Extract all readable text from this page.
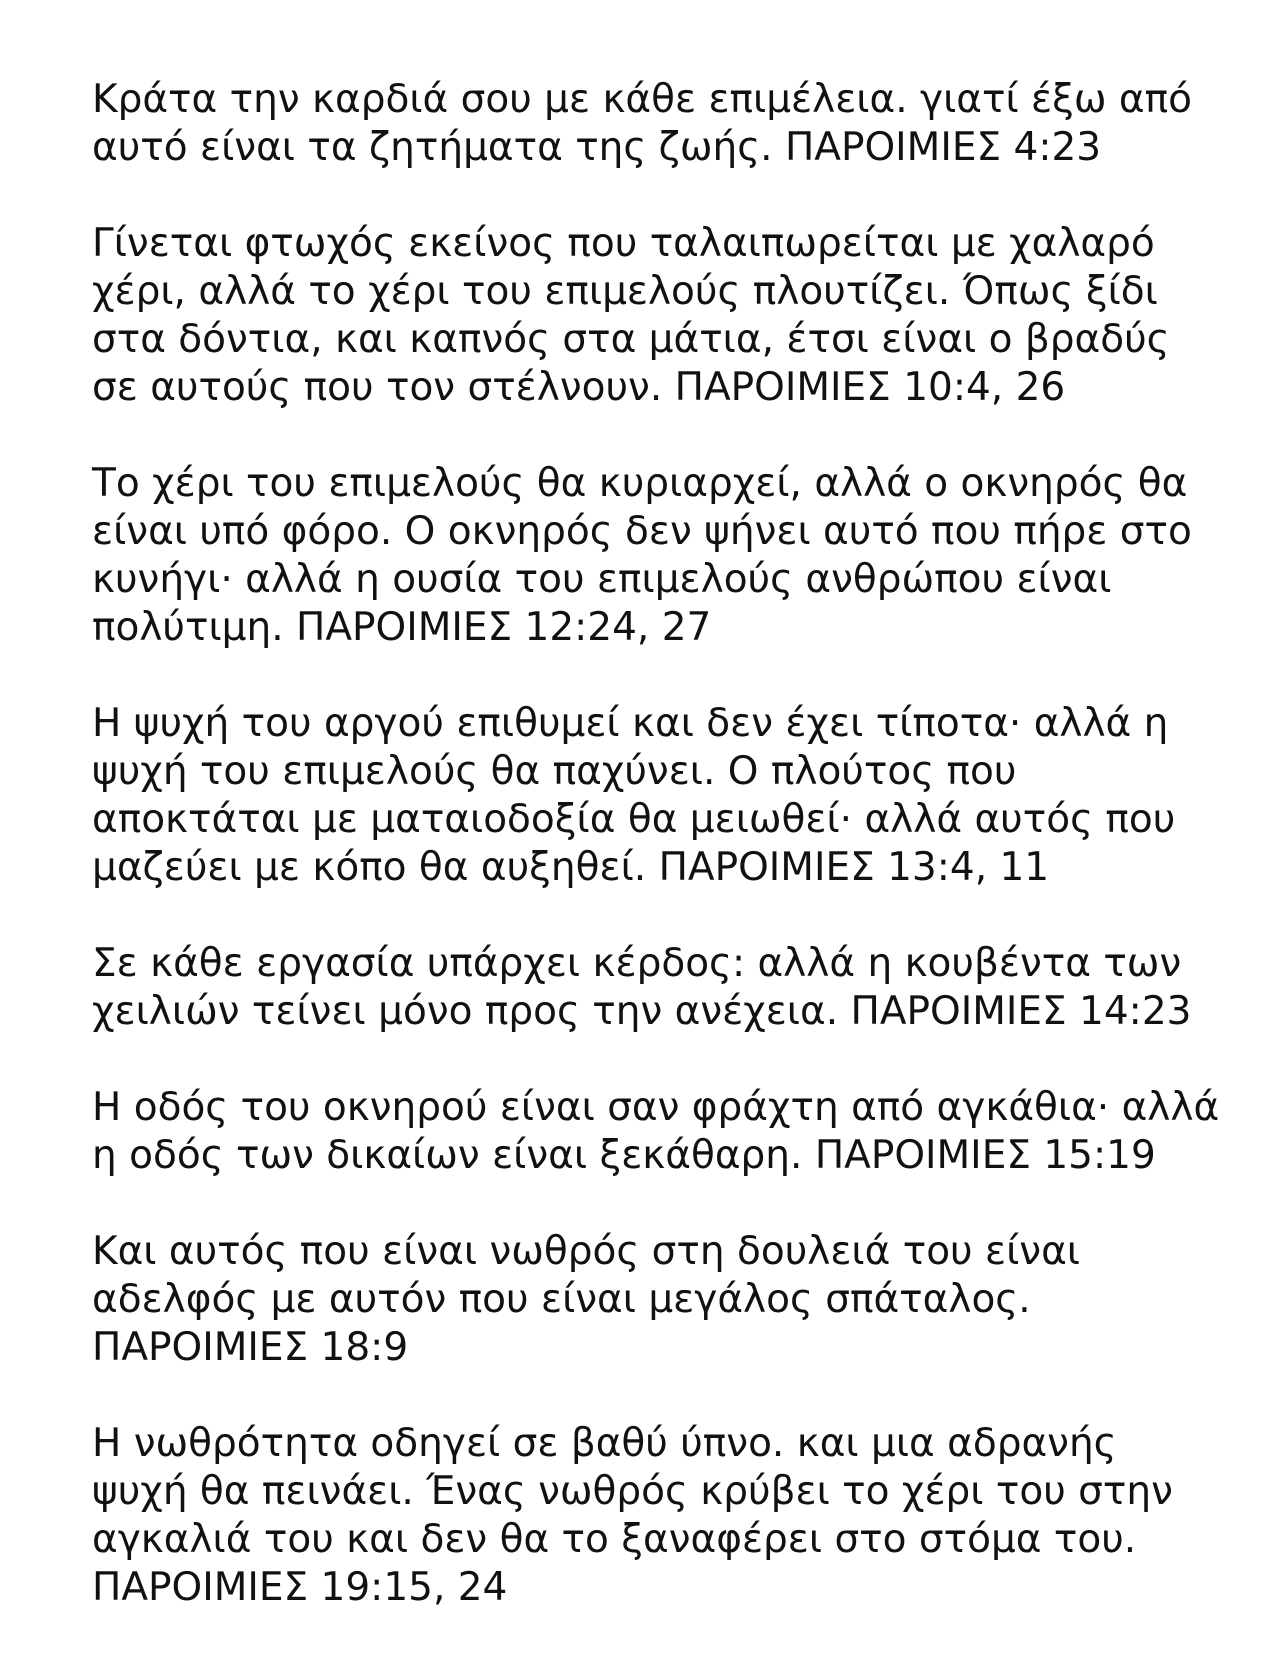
Κράτα την καρδιά σου με κάθε επιμέλεια. γιατί έξω από αυτό είναι τα ζητήματα της ζωής. ΠΑΡΟΙΜΙΕΣ 4:23
Γίνεται φτωχός εκείνος που ταλαιπωρείται με χαλαρό χέρι, αλλά το χέρι του επιμελούς πλουτίζει. Όπως ξίδι στα δόντια, και καπνός στα μάτια, έτσι είναι ο βραδύς σε αυτούς που τον στέλνουν. ΠΑΡΟΙΜΙΕΣ 10:4, 26
Το χέρι του επιμελούς θα κυριαρχεί, αλλά ο οκνηρός θα είναι υπό φόρο. Ο οκνηρός δεν ψήνει αυτό που πήρε στο κυνήγι· αλλά η ουσία του επιμελούς ανθρώπου είναι πολύτιμη. ΠΑΡΟΙΜΙΕΣ 12:24, 27
Η ψυχή του αργού επιθυμεί και δεν έχει τίποτα· αλλά η ψυχή του επιμελούς θα παχύνει. Ο πλούτος που αποκτάται με ματαιοδοξία θα μειωθεί· αλλά αυτός που μαζεύει με κόπο θα αυξηθεί. ΠΑΡΟΙΜΙΕΣ 13:4, 11
Σε κάθε εργασία υπάρχει κέρδος: αλλά η κουβέντα των χειλιών τείνει μόνο προς την ανέχεια. ΠΑΡΟΙΜΙΕΣ 14:23
Η οδός του οκνηρού είναι σαν φράχτη από αγκάθια· αλλά η οδός των δικαίων είναι ξεκάθαρη. ΠΑΡΟΙΜΙΕΣ 15:19
Και αυτός που είναι νωθρός στη δουλειά του είναι αδελφός με αυτόν που είναι μεγάλος σπάταλος. ΠΑΡΟΙΜΙΕΣ 18:9
Η νωθρότητα οδηγεί σε βαθύ ύπνο. και μια αδρανής ψυχή θα πεινάει. Ένας νωθρός κρύβει το χέρι του στην αγκαλιά του και δεν θα το ξαναφέρει στο στόμα του. ΠΑΡΟΙΜΙΕΣ 19:15, 24
